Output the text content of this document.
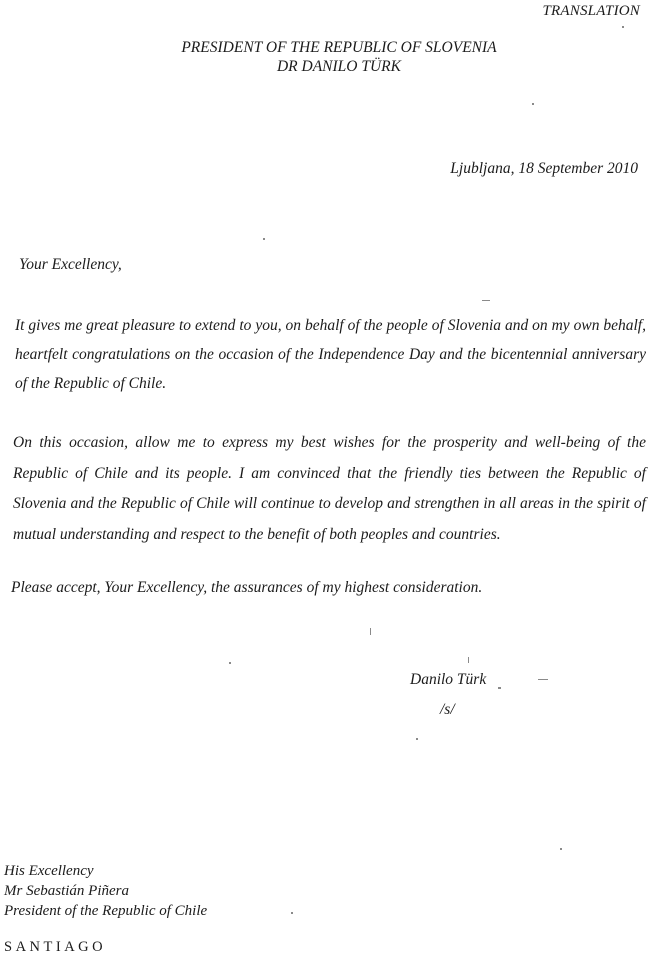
TRANSLATION
PRESIDENT OF THE REPUBLIC OF SLOVENIA
DR DANILO TÜRK
Ljubljana, 18 September 2010
Your Excellency,
It gives me great pleasure to extend to you, on behalf of the people of Slovenia and on my own behalf, heartfelt congratulations on the occasion of the Independence Day and the bicentennial anniversary of the Republic of Chile.
On this occasion, allow me to express my best wishes for the prosperity and well-being of the Republic of Chile and its people. I am convinced that the friendly ties between the Republic of Slovenia and the Republic of Chile will continue to develop and strengthen in all areas in the spirit of mutual understanding and respect to the benefit of both peoples and countries.
Please accept, Your Excellency, the assurances of my highest consideration.
Danilo Türk
/s/
His Excellency
Mr Sebastián Piñera
President of the Republic of Chile
SANTIAGO
